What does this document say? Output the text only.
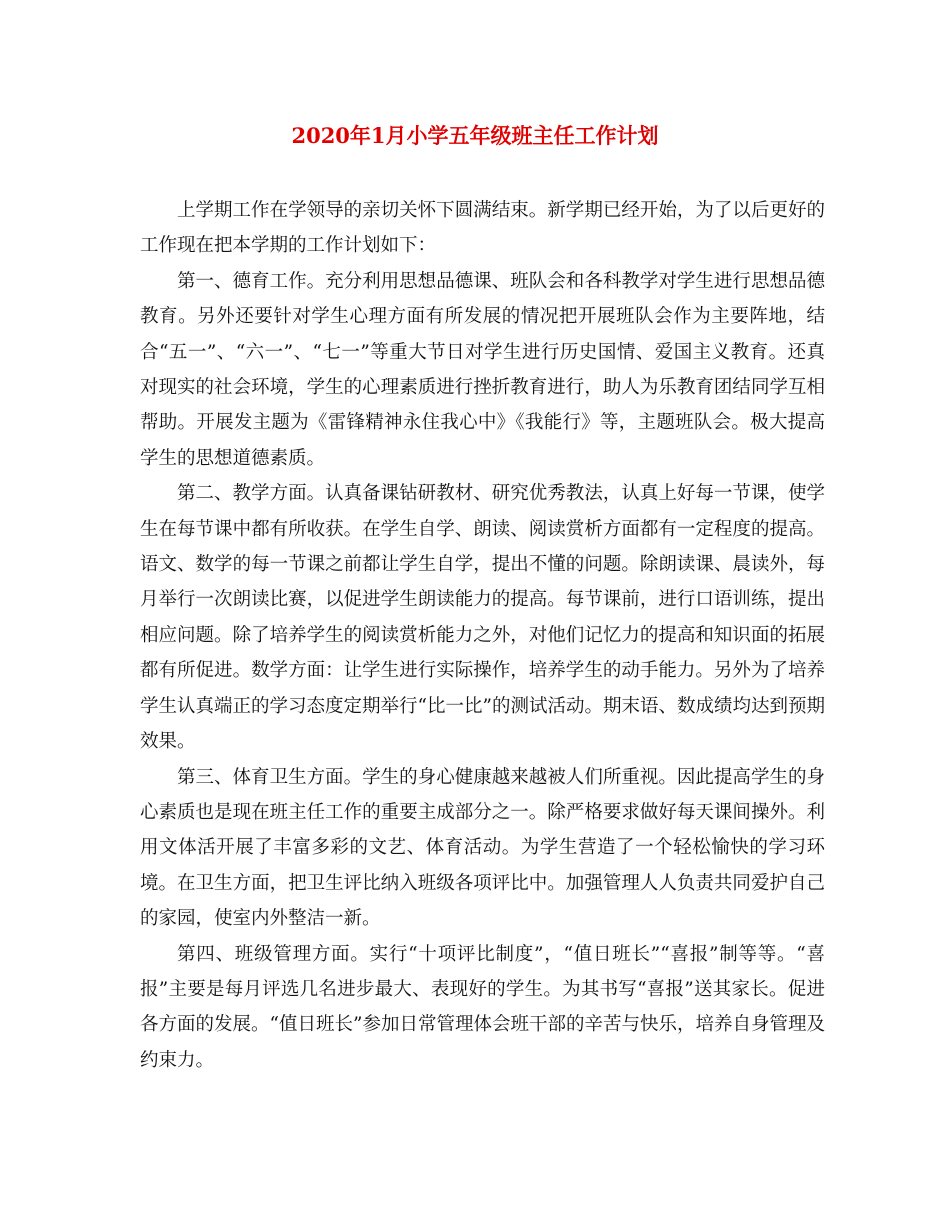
2020年1月小学五年级班主任工作计划

上学期工作在学领导的亲切关怀下圆满结束。新学期已经开始，为了以后更好的工作现在把本学期的工作计划如下：

第一、德育工作。充分利用思想品德课、班队会和各科教学对学生进行思想品德教育。另外还要针对学生心理方面有所发展的情况把开展班队会作为主要阵地，结合“五一”、“六一”、“七一”等重大节日对学生进行历史国情、爱国主义教育。还真对现实的社会环境，学生的心理素质进行挫折教育进行，助人为乐教育团结同学互相帮助。开展发主题为《雷锋精神永住我心中》《我能行》等，主题班队会。极大提高学生的思想道德素质。

第二、教学方面。认真备课钻研教材、研究优秀教法，认真上好每一节课，使学生在每节课中都有所收获。在学生自学、朗读、阅读赏析方面都有一定程度的提高。语文、数学的每一节课之前都让学生自学，提出不懂的问题。除朗读课、晨读外，每月举行一次朗读比赛，以促进学生朗读能力的提高。每节课前，进行口语训练，提出相应问题。除了培养学生的阅读赏析能力之外，对他们记忆力的提高和知识面的拓展都有所促进。数学方面：让学生进行实际操作，培养学生的动手能力。另外为了培养学生认真端正的学习态度定期举行“比一比”的测试活动。期末语、数成绩均达到预期效果。

第三、体育卫生方面。学生的身心健康越来越被人们所重视。因此提高学生的身心素质也是现在班主任工作的重要主成部分之一。除严格要求做好每天课间操外。利用文体活开展了丰富多彩的文艺、体育活动。为学生营造了一个轻松愉快的学习环境。在卫生方面，把卫生评比纳入班级各项评比中。加强管理人人负责共同爱护自己的家园，使室内外整洁一新。

第四、班级管理方面。实行“十项评比制度”，“值日班长”“喜报”制等等。“喜报”主要是每月评选几名进步最大、表现好的学生。为其书写“喜报”送其家长。促进各方面的发展。“值日班长”参加日常管理体会班干部的辛苦与快乐，培养自身管理及约束力。
